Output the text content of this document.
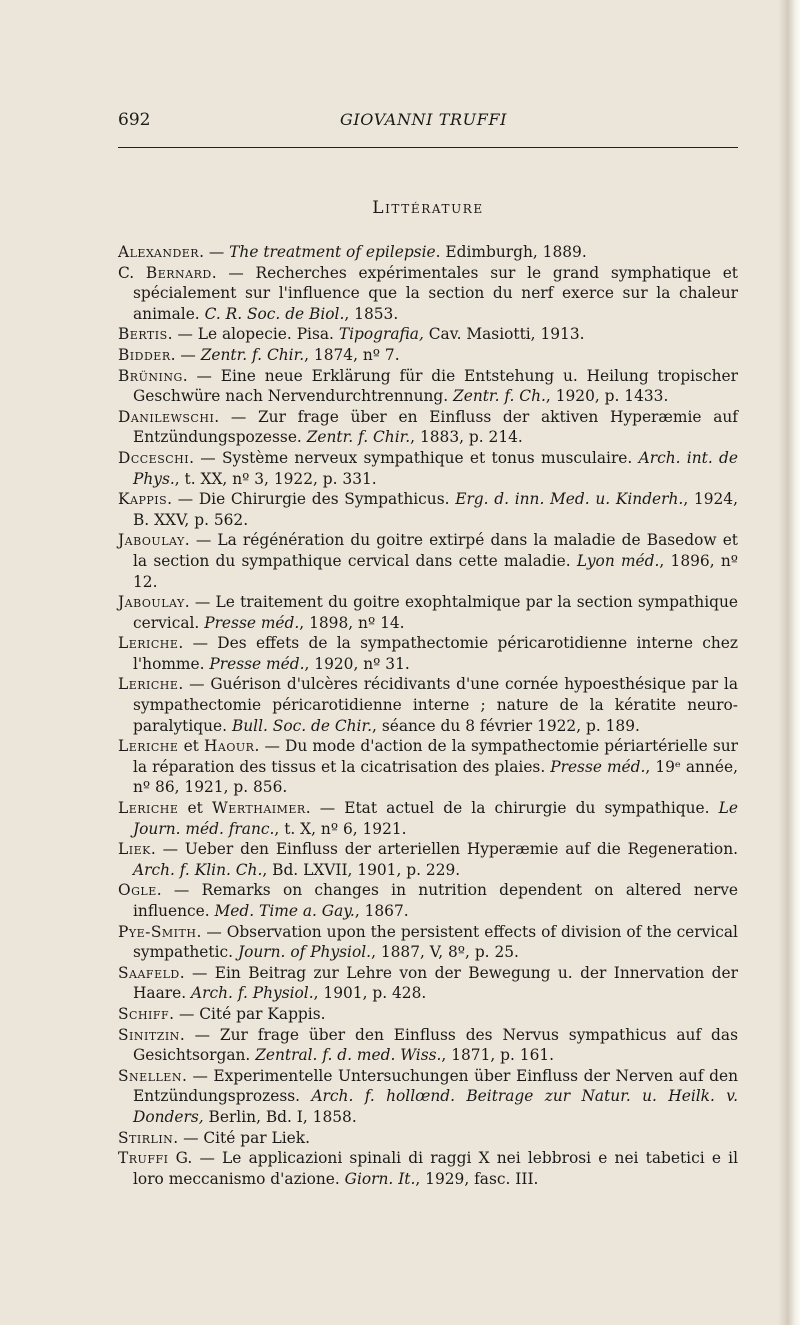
692	GIOVANNI TRUFFI
Littérature

Alexander. — The treatment of epilepsie. Edimburgh, 1889.

C. Bernard. — Recherches expérimentales sur le grand symphatique et spécialement sur l'influence que la section du nerf exerce sur la chaleur animale. C. R. Soc. de Biol., 1853.

Bertis. — Le alopecie. Pisa. Tipografia, Cav. Masiotti, 1913.

Bidder. — Zentr. f. Chir., 1874, nº 7.

Brüning. — Eine neue Erklärung für die Entstehung u. Heilung tropischer Geschwüre nach Nervendurchtrennung. Zentr. f. Ch., 1920, p. 1433.

Danilewschi. — Zur frage über en Einfluss der aktiven Hyperæmie auf Entzündungspozesse. Zentr. f. Chir., 1883, p. 214.

Dcceschi. — Système nerveux sympathique et tonus musculaire. Arch. int. de Phys., t. XX, nº 3, 1922, p. 331.

Kappis. — Die Chirurgie des Sympathicus. Erg. d. inn. Med. u. Kinderh., 1924, B. XXV, p. 562.

Jaboulay. — La régénération du goitre extirpé dans la maladie de Basedow et la section du sympathique cervical dans cette maladie. Lyon méd., 1896, nº 12.

Jaboulay. — Le traitement du goitre exophtalmique par la section sympathique cervical. Presse méd., 1898, nº 14.

Leriche. — Des effets de la sympathectomie péricarotidienne interne chez l'homme. Presse méd., 1920, nº 31.

Leriche. — Guérison d'ulcères récidivants d'une cornée hypoesthésique par la sympathectomie péricarotidienne interne ; nature de la kératite neuro-paralytique. Bull. Soc. de Chir., séance du 8 février 1922, p. 189.

Leriche et Haour. — Du mode d'action de la sympathectomie périartérielle sur la réparation des tissus et la cicatrisation des plaies. Presse méd., 19ᵉ année, nº 86, 1921, p. 856.

Leriche et Werthaimer. — Etat actuel de la chirurgie du sympathique. Le Journ. méd. franc., t. X, nº 6, 1921.

Liek. — Ueber den Einfluss der arteriellen Hyperæmie auf die Regeneration. Arch. f. Klin. Ch., Bd. LXVII, 1901, p. 229.

Ogle. — Remarks on changes in nutrition dependent on altered nerve influence. Med. Time a. Gay., 1867.

Pye-Smith. — Observation upon the persistent effects of division of the cervical sympathetic. Journ. of Physiol., 1887, V, 8º, p. 25.

Saafeld. — Ein Beitrag zur Lehre von der Bewegung u. der Innervation der Haare. Arch. f. Physiol., 1901, p. 428.

Schiff. — Cité par Kappis.

Sinitzin. — Zur frage über den Einfluss des Nervus sympathicus auf das Gesichtsorgan. Zentral. f. d. med. Wiss., 1871, p. 161.

Snellen. — Experimentelle Untersuchungen über Einfluss der Nerven auf den Entzündungsprozess. Arch. f. hollœnd. Beitrage zur Natur. u. Heilk. v. Donders, Berlin, Bd. I, 1858.

Stirlin. — Cité par Liek.

Truffi G. — Le applicazioni spinali di raggi X nei lebbrosi e nei tabetici e il loro meccanismo d'azione. Giorn. It., 1929, fasc. III.
